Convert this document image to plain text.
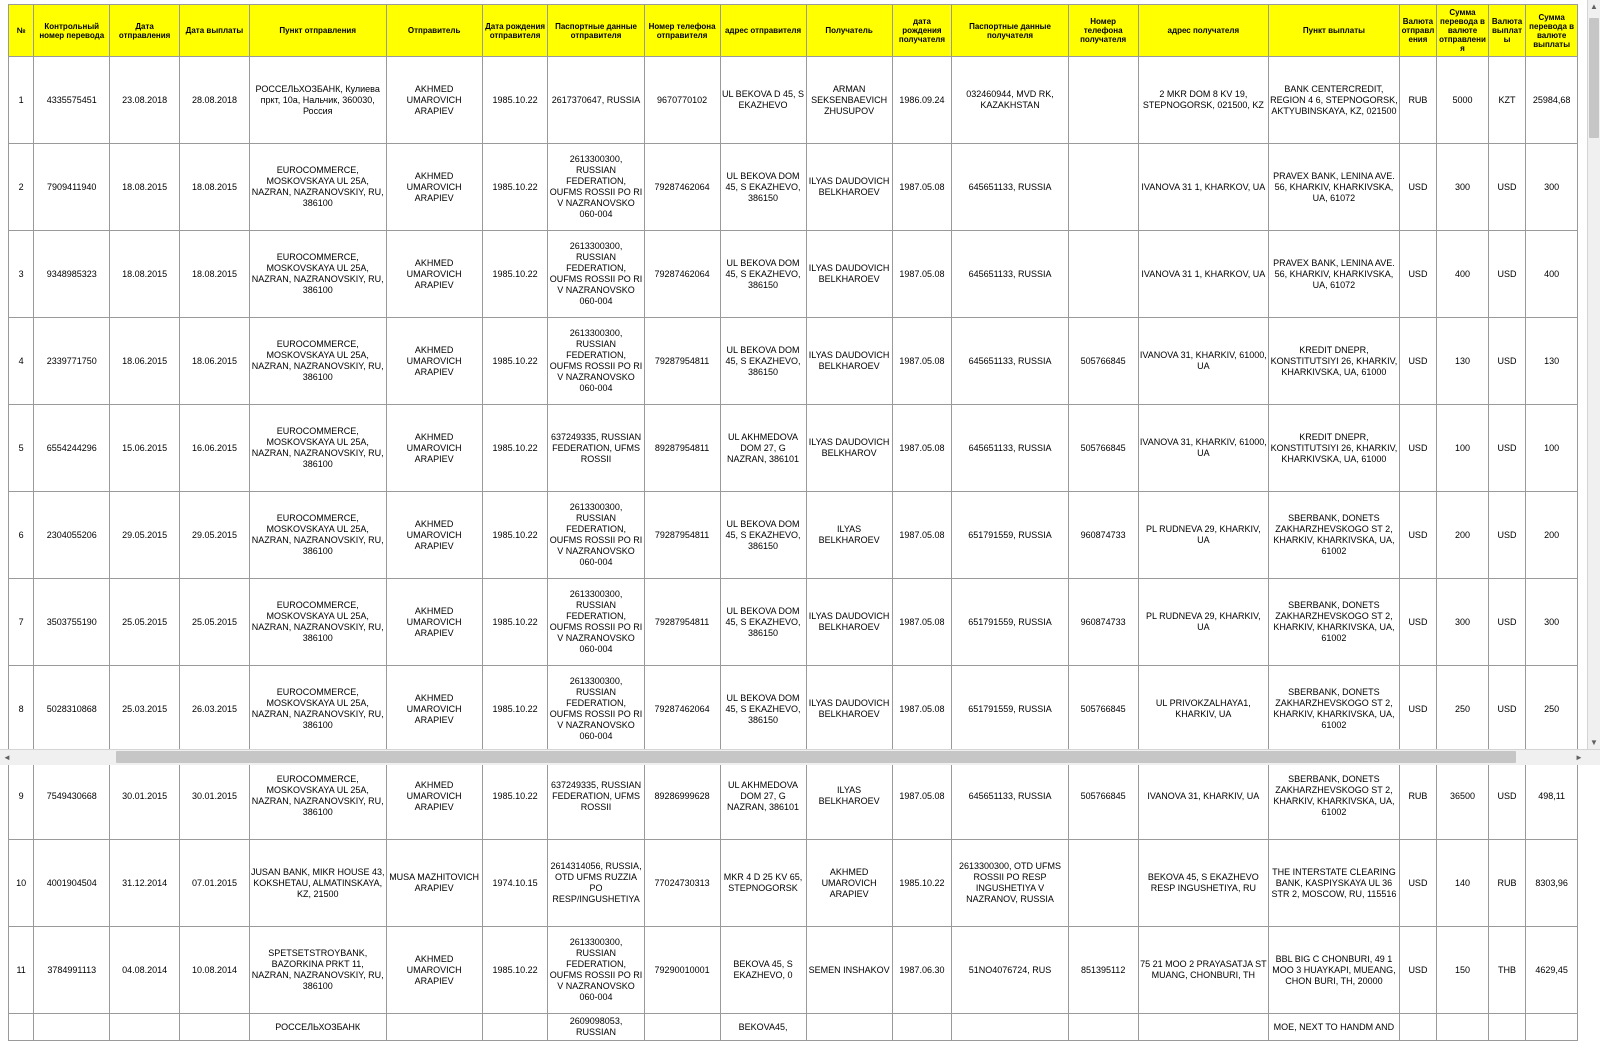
№	Контрольный номер перевода	Дата отправления	Дата выплаты	Пункт отправления	Отправитель	Дата рождения отправителя	Паспортные данные отправителя	Номер телефона отправителя	адрес отправителя	Получатель	дата рождения получателя	Паспортные данные получателя	Номер телефона получателя	адрес получателя	Пункт выплаты	Валюта отправления	Сумма перевода в валюте отправления	Валюта выплаты	Сумма перевода в валюте выплаты
1	4335575451	23.08.2018	28.08.2018	РОССЕЛЬХОЗБАНК, Кулиева пркт, 10а, Нальчик, 360030, Россия	AKHMED UMAROVICH ARAPIEV	1985.10.22	2617370647, RUSSIA	9670770102	UL BEKOVA D 45, S EKAZHEVO	ARMAN SEKSENBAEVICH ZHUSUPOV	1986.09.24	032460944, MVD RK, KAZAKHSTAN		2 MKR DOM 8 KV 19, STEPNOGORSK, 021500, KZ	BANK CENTERCREDIT, REGION 4 6, STEPNOGORSK, AKTYUBINSKAYA, KZ, 021500	RUB	5000	KZT	25984,68
2	7909411940	18.08.2015	18.08.2015	EUROCOMMERCE, MOSKOVSKAYA UL 25A, NAZRAN, NAZRANOVSKIY, RU, 386100	AKHMED UMAROVICH ARAPIEV	1985.10.22	2613300300, RUSSIAN FEDERATION, OUFMS ROSSII PO RI V NAZRANOVSKO 060-004	79287462064	UL BEKOVA DOM 45, S EKAZHEVO, 386150	ILYAS DAUDOVICH BELKHAROEV	1987.05.08	645651133, RUSSIA		IVANOVA 31 1, KHARKOV, UA	PRAVEX BANK, LENINA AVE. 56, KHARKIV, KHARKIVSKA, UA, 61072	USD	300	USD	300
3	9348985323	18.08.2015	18.08.2015	EUROCOMMERCE, MOSKOVSKAYA UL 25A, NAZRAN, NAZRANOVSKIY, RU, 386100	AKHMED UMAROVICH ARAPIEV	1985.10.22	2613300300, RUSSIAN FEDERATION, OUFMS ROSSII PO RI V NAZRANOVSKO 060-004	79287462064	UL BEKOVA DOM 45, S EKAZHEVO, 386150	ILYAS DAUDOVICH BELKHAROEV	1987.05.08	645651133, RUSSIA		IVANOVA 31 1, KHARKOV, UA	PRAVEX BANK, LENINA AVE. 56, KHARKIV, KHARKIVSKA, UA, 61072	USD	400	USD	400
4	2339771750	18.06.2015	18.06.2015	EUROCOMMERCE, MOSKOVSKAYA UL 25A, NAZRAN, NAZRANOVSKIY, RU, 386100	AKHMED UMAROVICH ARAPIEV	1985.10.22	2613300300, RUSSIAN FEDERATION, OUFMS ROSSII PO RI V NAZRANOVSKO 060-004	79287954811	UL BEKOVA DOM 45, S EKAZHEVO, 386150	ILYAS DAUDOVICH BELKHAROEV	1987.05.08	645651133, RUSSIA	505766845	IVANOVA 31, KHARKIV, 61000, UA	KREDIT DNEPR, KONSTITUTSIYI 26, KHARKIV, KHARKIVSKA, UA, 61000	USD	130	USD	130
5	6554244296	15.06.2015	16.06.2015	EUROCOMMERCE, MOSKOVSKAYA UL 25A, NAZRAN, NAZRANOVSKIY, RU, 386100	AKHMED UMAROVICH ARAPIEV	1985.10.22	637249335, RUSSIAN FEDERATION, UFMS ROSSII	89287954811	UL AKHMEDOVA DOM 27, G NAZRAN, 386101	ILYAS DAUDOVICH BELKHAROV	1987.05.08	645651133, RUSSIA	505766845	IVANOVA 31, KHARKIV, 61000, UA	KREDIT DNEPR, KONSTITUTSIYI 26, KHARKIV, KHARKIVSKA, UA, 61000	USD	100	USD	100
6	2304055206	29.05.2015	29.05.2015	EUROCOMMERCE, MOSKOVSKAYA UL 25A, NAZRAN, NAZRANOVSKIY, RU, 386100	AKHMED UMAROVICH ARAPIEV	1985.10.22	2613300300, RUSSIAN FEDERATION, OUFMS ROSSII PO RI V NAZRANOVSKO 060-004	79287954811	UL BEKOVA DOM 45, S EKAZHEVO, 386150	ILYAS BELKHAROEV	1987.05.08	651791559, RUSSIA	960874733	PL RUDNEVA 29, KHARKIV, UA	SBERBANK, DONETS ZAKHARZHEVSKOGO ST 2, KHARKIV, KHARKIVSKA, UA, 61002	USD	200	USD	200
7	3503755190	25.05.2015	25.05.2015	EUROCOMMERCE, MOSKOVSKAYA UL 25A, NAZRAN, NAZRANOVSKIY, RU, 386100	AKHMED UMAROVICH ARAPIEV	1985.10.22	2613300300, RUSSIAN FEDERATION, OUFMS ROSSII PO RI V NAZRANOVSKO 060-004	79287954811	UL BEKOVA DOM 45, S EKAZHEVO, 386150	ILYAS DAUDOVICH BELKHAROEV	1987.05.08	651791559, RUSSIA	960874733	PL RUDNEVA 29, KHARKIV, UA	SBERBANK, DONETS ZAKHARZHEVSKOGO ST 2, KHARKIV, KHARKIVSKA, UA, 61002	USD	300	USD	300
8	5028310868	25.03.2015	26.03.2015	EUROCOMMERCE, MOSKOVSKAYA UL 25A, NAZRAN, NAZRANOVSKIY, RU, 386100	AKHMED UMAROVICH ARAPIEV	1985.10.22	2613300300, RUSSIAN FEDERATION, OUFMS ROSSII PO RI V NAZRANOVSKO 060-004	79287462064	UL BEKOVA DOM 45, S EKAZHEVO, 386150	ILYAS DAUDOVICH BELKHAROEV	1987.05.08	651791559, RUSSIA	505766845	UL PRIVOKZALHAYA1, KHARKIV, UA	SBERBANK, DONETS ZAKHARZHEVSKOGO ST 2, KHARKIV, KHARKIVSKA, UA, 61002	USD	250	USD	250
9	7549430668	30.01.2015	30.01.2015	EUROCOMMERCE, MOSKOVSKAYA UL 25A, NAZRAN, NAZRANOVSKIY, RU, 386100	AKHMED UMAROVICH ARAPIEV	1985.10.22	637249335, RUSSIAN FEDERATION, UFMS ROSSII	89286999628	UL AKHMEDOVA DOM 27, G NAZRAN, 386101	ILYAS BELKHAROEV	1987.05.08	645651133, RUSSIA	505766845	IVANOVA 31, KHARKIV, UA	SBERBANK, DONETS ZAKHARZHEVSKOGO ST 2, KHARKIV, KHARKIVSKA, UA, 61002	RUB	36500	USD	498,11
10	4001904504	31.12.2014	07.01.2015	JUSAN BANK, MIKR HOUSE 43, KOKSHETAU, ALMATINSKAYA, KZ, 21500	MUSA MAZHITOVICH ARAPIEV	1974.10.15	2614314056, RUSSIA, OTD UFMS RUZZIA PO RESP/INGUSHETIYA	77024730313	MKR 4 D 25 KV 65, STEPNOGORSK	AKHMED UMAROVICH ARAPIEV	1985.10.22	2613300300, OTD UFMS ROSSII PO RESP INGUSHETIYA V NAZRANOV, RUSSIA		BEKOVA 45, S EKAZHEVO RESP INGUSHETIYA, RU	THE INTERSTATE CLEARING BANK, KASPIYSKAYA UL 36 STR 2, MOSCOW, RU, 115516	USD	140	RUB	8303,96
11	3784991113	04.08.2014	10.08.2014	SPETSETSTROYBANK, BAZORKINA PRKT 11, NAZRAN, NAZRANOVSKIY, RU, 386100	AKHMED UMAROVICH ARAPIEV	1985.10.22	2613300300, RUSSIAN FEDERATION, OUFMS ROSSII PO RI V NAZRANOVSKO 060-004	79290010001	BEKOVA 45, S EKAZHEVO, 0	SEMEN INSHAKOV	1987.06.30	51NO4076724, RUS	851395112	75 21 MOO 2 PRAYASATJA ST MUANG, CHONBURI, TH	BBL BIG C CHONBURI, 49 1 MOO 3 HUAYKAPI, MUEANG, CHON BURI, TH, 20000	USD	150	THB	4629,45
				РОССЕЛЬХОЗБАНК			2609098053, RUSSIAN		BEKOVA45,						MOE, NEXT TO HANDM AND				
▲
▼
◄	►
